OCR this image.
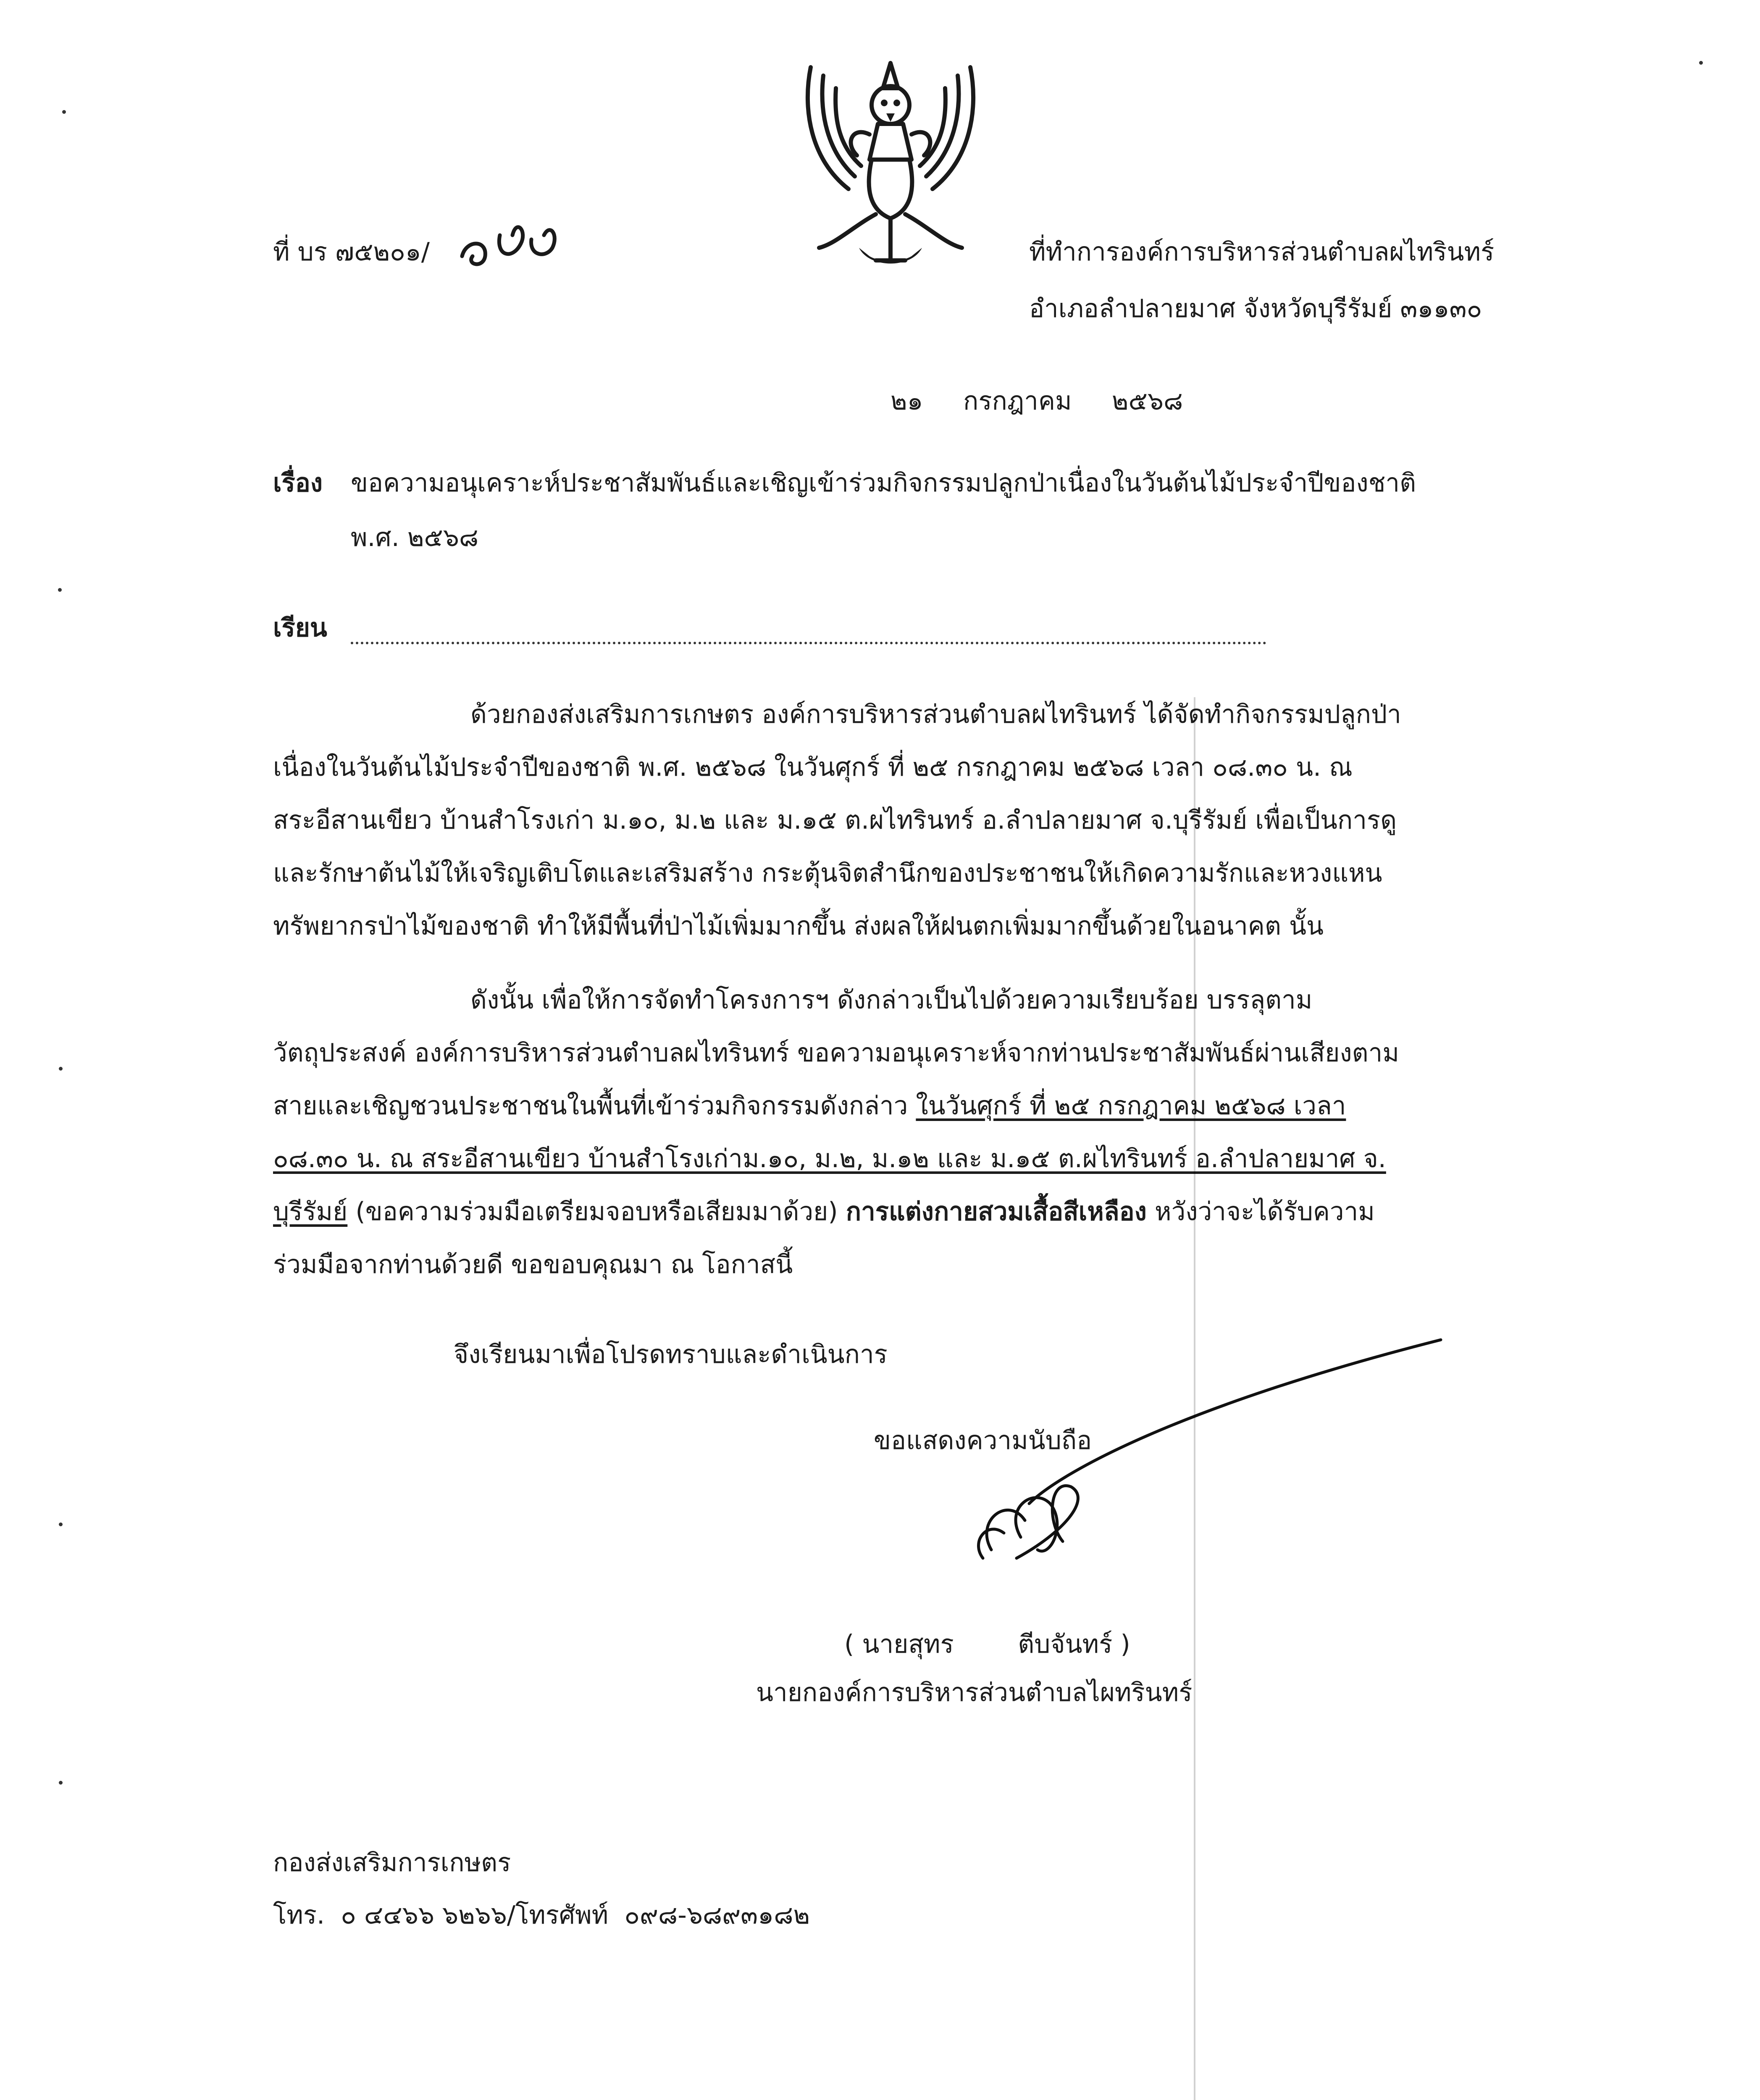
ที่ บร ๗๕๒๐๑/	ที่ทำการองค์การบริหารส่วนตำบลผไทรินทร์
อำเภอลำปลายมาศ จังหวัดบุรีรัมย์ ๓๑๑๓๐
๒๑     กรกฎาคม     ๒๕๖๘
เรื่อง ขอความอนุเคราะห์ประชาสัมพันธ์และเชิญเข้าร่วมกิจกรรมปลูกป่าเนื่องในวันต้นไม้ประจำปีของชาติ
พ.ศ. ๒๕๖๘
เรียน
ด้วยกองส่งเสริมการเกษตร องค์การบริหารส่วนตำบลผไทรินทร์ ได้จัดทำกิจกรรมปลูกป่า
เนื่องในวันต้นไม้ประจำปีของชาติ พ.ศ. ๒๕๖๘ ในวันศุกร์ ที่ ๒๕ กรกฎาคม ๒๕๖๘ เวลา ๐๘.๓๐ น. ณ
สระอีสานเขียว บ้านสำโรงเก่า ม.๑๐, ม.๒ และ ม.๑๕ ต.ผไทรินทร์ อ.ลำปลายมาศ จ.บุรีรัมย์ เพื่อเป็นการดู
และรักษาต้นไม้ให้เจริญเติบโตและเสริมสร้าง กระตุ้นจิตสำนึกของประชาชนให้เกิดความรักและหวงแหน
ทรัพยากรป่าไม้ของชาติ ทำให้มีพื้นที่ป่าไม้เพิ่มมากขึ้น ส่งผลให้ฝนตกเพิ่มมากขึ้นด้วยในอนาคต นั้น
ดังนั้น เพื่อให้การจัดทำโครงการฯ ดังกล่าวเป็นไปด้วยความเรียบร้อย บรรลุตาม
วัตถุประสงค์ องค์การบริหารส่วนตำบลผไทรินทร์ ขอความอนุเคราะห์จากท่านประชาสัมพันธ์ผ่านเสียงตาม
สายและเชิญชวนประชาชนในพื้นที่เข้าร่วมกิจกรรมดังกล่าว ในวันศุกร์ ที่ ๒๕ กรกฎาคม ๒๕๖๘ เวลา
๐๘.๓๐ น. ณ สระอีสานเขียว บ้านสำโรงเก่าม.๑๐, ม.๒, ม.๑๒ และ ม.๑๕ ต.ผไทรินทร์ อ.ลำปลายมาศ จ.
บุรีรัมย์ (ขอความร่วมมือเตรียมจอบหรือเสียมมาด้วย) การแต่งกายสวมเสื้อสีเหลือง หวังว่าจะได้รับความ
ร่วมมือจากท่านด้วยดี ขอขอบคุณมา ณ โอกาสนี้
จึงเรียนมาเพื่อโปรดทราบและดำเนินการ
ขอแสดงความนับถือ
( นายสุทร        ตีบจันทร์ )
นายกองค์การบริหารส่วนตำบลไผทรินทร์
กองส่งเสริมการเกษตร
โทร.  ๐ ๔๔๖๖ ๖๒๖๖/โทรศัพท์  ๐๙๘-๖๘๙๓๑๘๒
